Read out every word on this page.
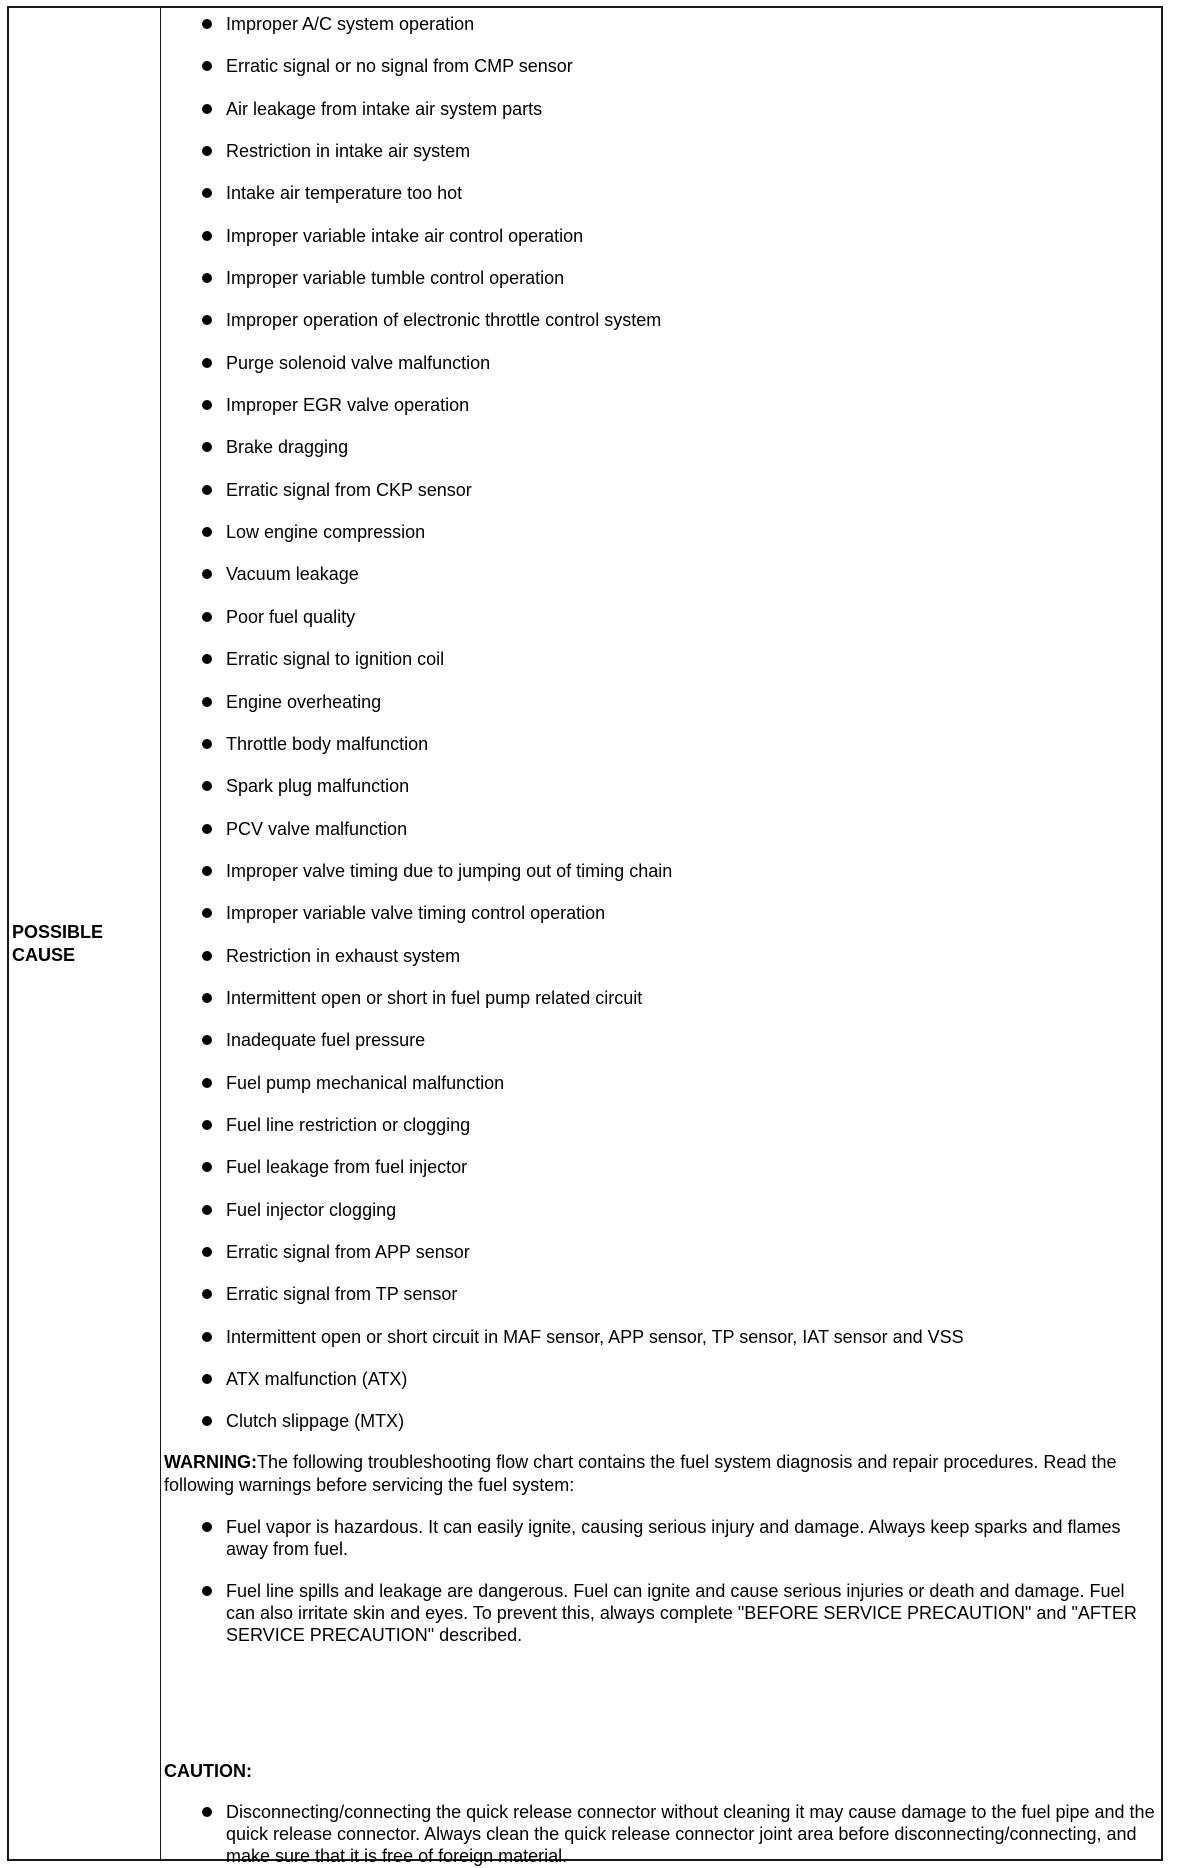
POSSIBLE CAUSE
Improper A/C system operation
Erratic signal or no signal from CMP sensor
Air leakage from intake air system parts
Restriction in intake air system
Intake air temperature too hot
Improper variable intake air control operation
Improper variable tumble control operation
Improper operation of electronic throttle control system
Purge solenoid valve malfunction
Improper EGR valve operation
Brake dragging
Erratic signal from CKP sensor
Low engine compression
Vacuum leakage
Poor fuel quality
Erratic signal to ignition coil
Engine overheating
Throttle body malfunction
Spark plug malfunction
PCV valve malfunction
Improper valve timing due to jumping out of timing chain
Improper variable valve timing control operation
Restriction in exhaust system
Intermittent open or short in fuel pump related circuit
Inadequate fuel pressure
Fuel pump mechanical malfunction
Fuel line restriction or clogging
Fuel leakage from fuel injector
Fuel injector clogging
Erratic signal from APP sensor
Erratic signal from TP sensor
Intermittent open or short circuit in MAF sensor, APP sensor, TP sensor, IAT sensor and VSS
ATX malfunction (ATX)
Clutch slippage (MTX)
WARNING:The following troubleshooting flow chart contains the fuel system diagnosis and repair procedures. Read the following warnings before servicing the fuel system:
Fuel vapor is hazardous. It can easily ignite, causing serious injury and damage. Always keep sparks and flames away from fuel.
Fuel line spills and leakage are dangerous. Fuel can ignite and cause serious injuries or death and damage. Fuel can also irritate skin and eyes. To prevent this, always complete "BEFORE SERVICE PRECAUTION" and "AFTER SERVICE PRECAUTION" described.
CAUTION:
Disconnecting/connecting the quick release connector without cleaning it may cause damage to the fuel pipe and the quick release connector. Always clean the quick release connector joint area before disconnecting/connecting, and make sure that it is free of foreign material.
